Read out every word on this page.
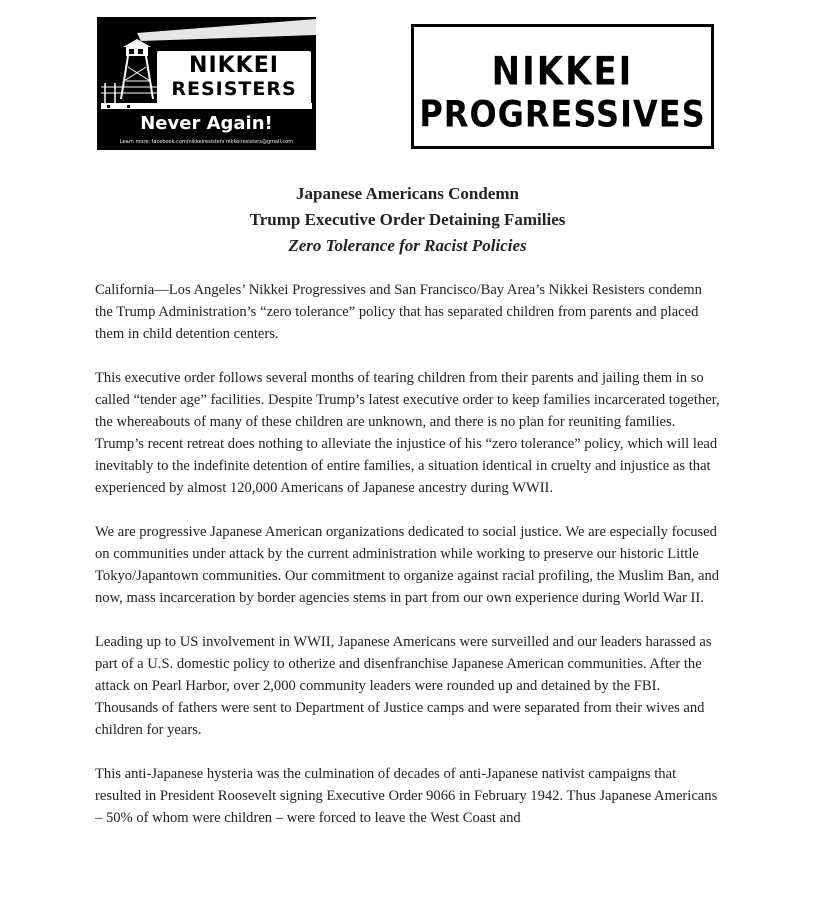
NIKKEI
RESISTERS
Never Again!
Learn more: facebook.com/nikkeiresisters nikkeiresisters@gmail.com
NIKKEI
PROGRESSIVES
Japanese Americans Condemn
Trump Executive Order Detaining Families
Zero Tolerance for Racist Policies

California—Los Angeles’ Nikkei Progressives and San Francisco/Bay Area’s Nikkei Resisters condemn the Trump Administration’s “zero tolerance” policy that has separated children from parents and placed them in child detention centers.

This executive order follows several months of tearing children from their parents and jailing them in so called “tender age” facilities. Despite Trump’s latest executive order to keep families incarcerated together, the whereabouts of many of these children are unknown, and there is no plan for reuniting families. Trump’s recent retreat does nothing to alleviate the injustice of his “zero tolerance” policy, which will lead inevitably to the indefinite detention of entire families, a situation identical in cruelty and injustice as that experienced by almost 120,000 Americans of Japanese ancestry during WWII.

We are progressive Japanese American organizations dedicated to social justice. We are especially focused on communities under attack by the current administration while working to preserve our historic Little Tokyo/Japantown communities. Our commitment to organize against racial profiling, the Muslim Ban, and now, mass incarceration by border agencies stems in part from our own experience during World War II.

Leading up to US involvement in WWII, Japanese Americans were surveilled and our leaders harassed as part of a U.S. domestic policy to otherize and disenfranchise Japanese American communities. After the attack on Pearl Harbor, over 2,000 community leaders were rounded up and detained by the FBI. Thousands of fathers were sent to Department of Justice camps and were separated from their wives and children for years.

This anti-Japanese hysteria was the culmination of decades of anti-Japanese nativist campaigns that resulted in President Roosevelt signing Executive Order 9066 in February 1942. Thus Japanese Americans – 50% of whom were children – were forced to leave the West Coast and
